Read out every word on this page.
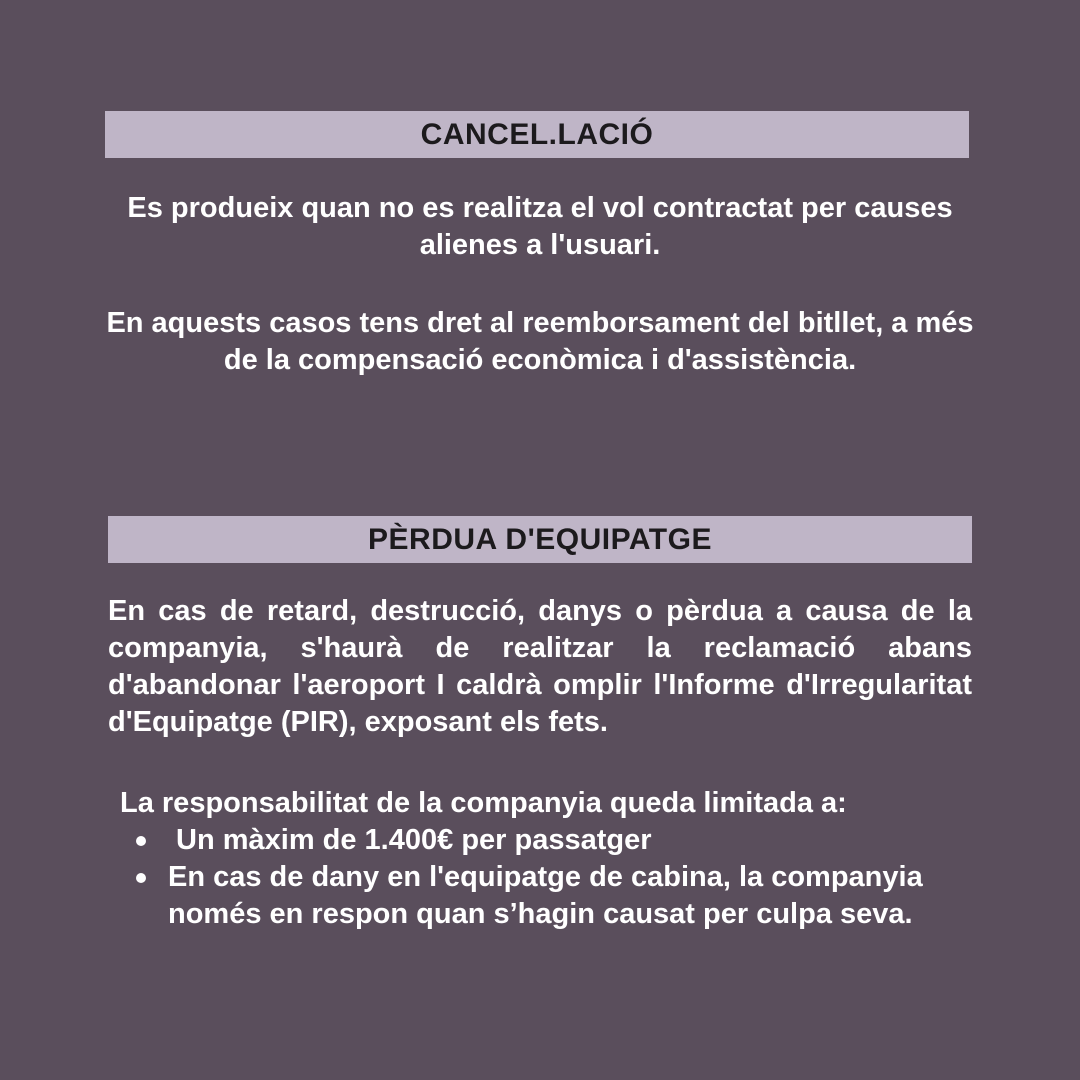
CANCEL.LACIÓ

Es produeix quan no es realitza el vol contractat per causes alienes a l'usuari.

En aquests casos tens dret al reemborsament del bitllet, a més de la compensació econòmica i d'assistència.

PÈRDUA D'EQUIPATGE

En cas de retard, destrucció, danys o pèrdua a causa de la companyia, s'haurà de realitzar la reclamació abans d'abandonar l'aeroport I caldrà omplir l'Informe d'Irregularitat d'Equipatge (PIR), exposant els fets.

La responsabilitat de la companyia queda limitada a:

Un màxim de 1.400€ per passatger
En cas de dany en l'equipatge de cabina, la companyia només en respon quan s’hagin causat per culpa seva.
